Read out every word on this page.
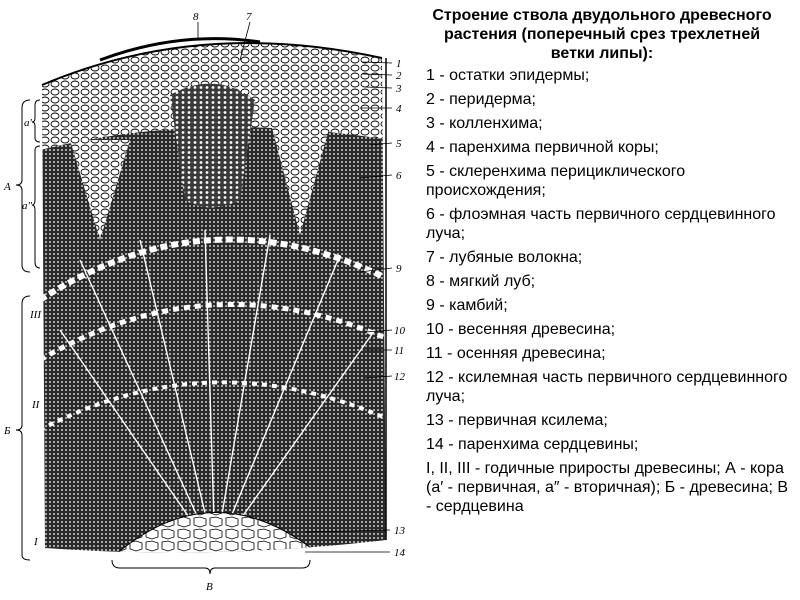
8	7
1
2
3
4
5
6
9
10
11
12
13
14
A
a′
a″
Б
В
III
II
I

Строение ствола двудольного древесного растения (поперечный срез трехлетней ветки липы):

1 - остатки эпидермы;
2 - перидерма;
3 - колленхима;
4 - паренхима первичной коры;
5 - склеренхима перициклического происхождения;
6 - флоэмная часть первичного сердцевинного луча;
7 - лубяные волокна;
8 - мягкий луб;
9 - камбий;
10 - весенняя древесина;
11 - осенняя древесина;
12 - ксилемная часть первичного сердцевинного луча;
13 - первичная ксилема;
14 - паренхима сердцевины;
I, II, III - годичные приросты древесины; А - кора (а′ - первичная, а″ - вторичная); Б - древесина; В - сердцевина
